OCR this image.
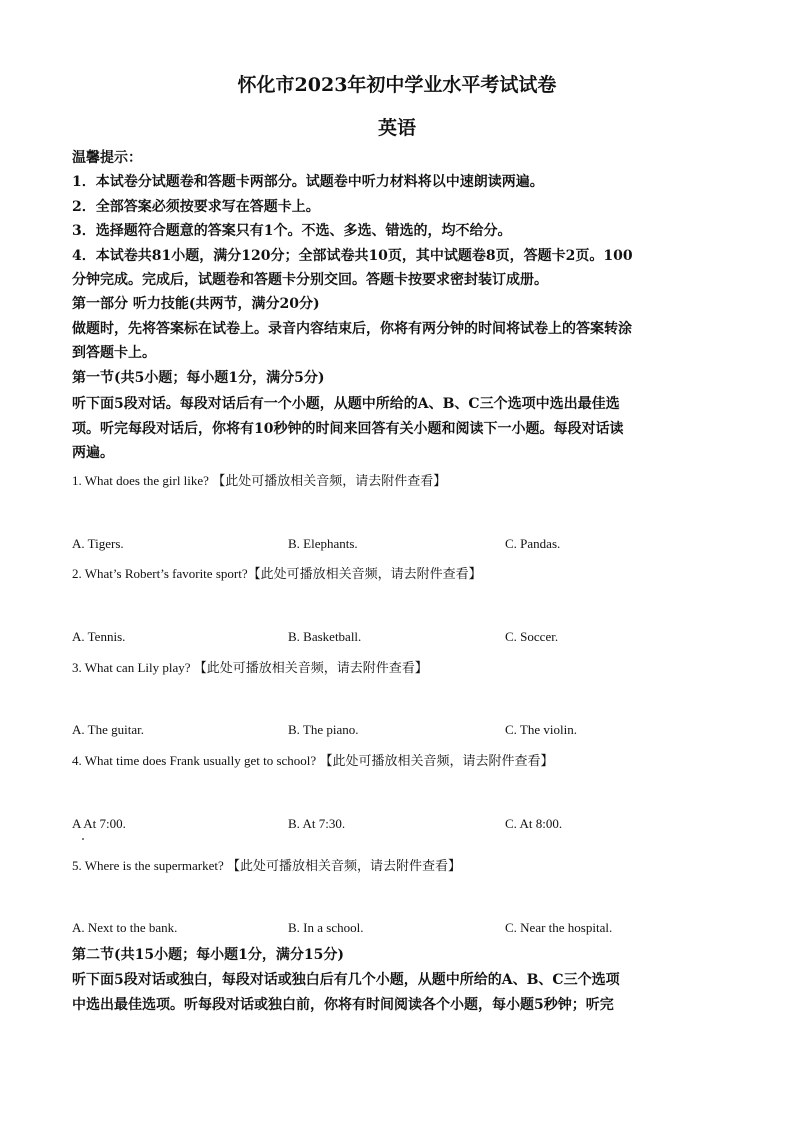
怀化市2023年初中学业水平考试试卷
英语
温馨提示：
1．本试卷分试题卷和答题卡两部分。试题卷中听力材料将以中速朗读两遍。
2．全部答案必须按要求写在答题卡上。
3．选择题符合题意的答案只有1个。不选、多选、错选的，均不给分。
4．本试卷共81小题，满分120分；全部试卷共10页，其中试题卷8页，答题卡2页。100
分钟完成。完成后，试题卷和答题卡分别交回。答题卡按要求密封装订成册。
第一部分 听力技能(共两节，满分20分)
做题时，先将答案标在试卷上。录音内容结束后，你将有两分钟的时间将试卷上的答案转涂
到答题卡上。
第一节(共5小题；每小题1分，满分5分)
听下面5段对话。每段对话后有一个小题，从题中所给的A、B、C三个选项中选出最佳选
项。听完每段对话后，你将有10秒钟的时间来回答有关小题和阅读下一小题。每段对话读
两遍。
1. What does the girl like? 【此处可播放相关音频，请去附件查看】
A. Tigers.	B. Elephants.	C. Pandas.
2. What’s Robert’s favorite sport?【此处可播放相关音频，请去附件查看】
A. Tennis.	B. Basketball.	C. Soccer.
3. What can Lily play? 【此处可播放相关音频，请去附件查看】
A. The guitar.	B. The piano.	C. The violin.
4. What time does Frank usually get to school? 【此处可播放相关音频，请去附件查看】
A At 7:00.	B. At 7:30.	C. At 8:00.
5. Where is the supermarket? 【此处可播放相关音频，请去附件查看】
A. Next to the bank.	B. In a school.	C. Near the hospital.
第二节(共15小题；每小题1分，满分15分)
听下面5段对话或独白，每段对话或独白后有几个小题，从题中所给的A、B、C三个选项
中选出最佳选项。听每段对话或独白前，你将有时间阅读各个小题，每小题5秒钟；听完
